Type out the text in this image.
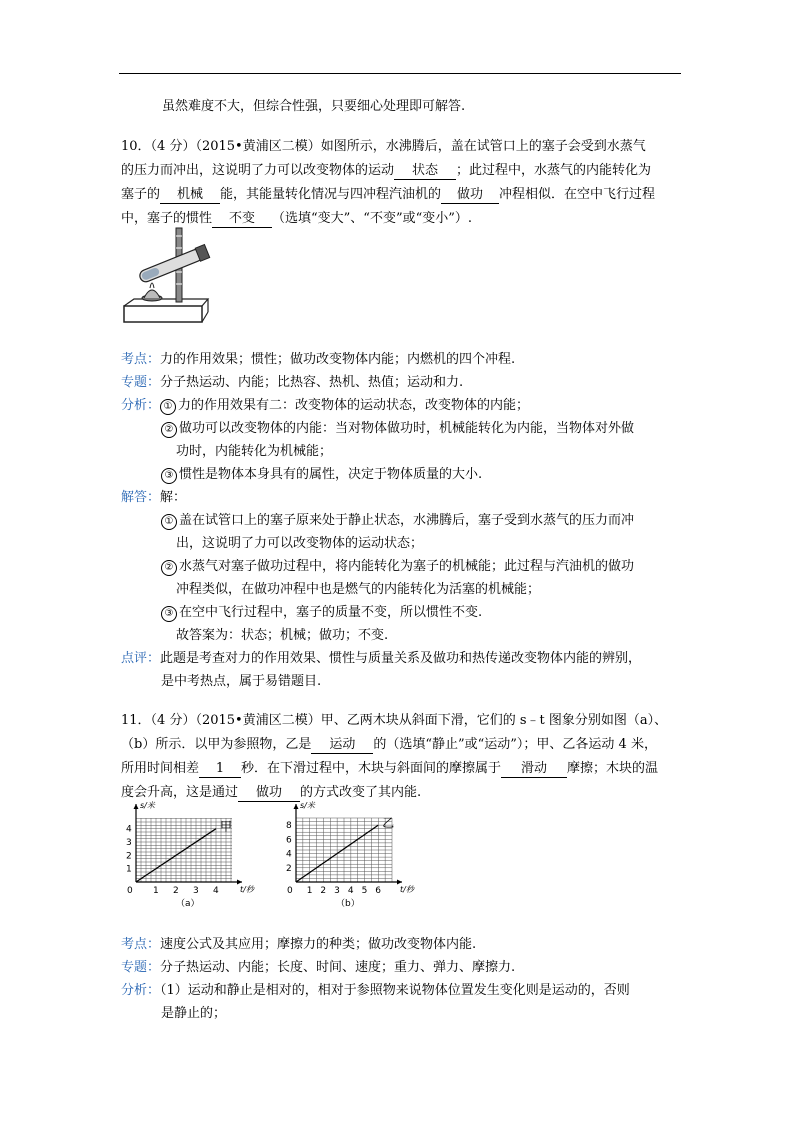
虽然难度不大，但综合性强，只要细心处理即可解答.
10．（4 分）（2015•黄浦区二模）如图所示，水沸腾后，盖在试管口上的塞子会受到水蒸气
的压力而冲出，这说明了力可以改变物体的运动 状态 ；此过程中，水蒸气的内能转化为
塞子的 机械 能，其能量转化情况与四冲程汽油机的 做功 冲程相似．在空中飞行过程
中，塞子的惯性 不变 （选填“变大”、“不变”或“变小”）.
考点：力的作用效果；惯性；做功改变物体内能；内燃机的四个冲程.
专题：分子热运动、内能；比热容、热机、热值；运动和力.
分析： ① 力的作用效果有二：改变物体的运动状态，改变物体的内能；
② 做功可以改变物体的内能：当对物体做功时，机械能转化为内能，当物体对外做
功时，内能转化为机械能；
③ 惯性是物体本身具有的属性，决定于物体质量的大小.
解答：解：
① 盖在试管口上的塞子原来处于静止状态，水沸腾后，塞子受到水蒸气的压力而冲
出，这说明了力可以改变物体的运动状态；
② 水蒸气对塞子做功过程中，将内能转化为塞子的机械能；此过程与汽油机的做功
冲程类似，在做功冲程中也是燃气的内能转化为活塞的机械能；
③ 在空中飞行过程中，塞子的质量不变，所以惯性不变.
故答案为：状态；机械；做功；不变.
点评：此题是考查对力的作用效果、惯性与质量关系及做功和热传递改变物体内能的辨别，
是中考热点，属于易错题目.
11．（4 分）（2015•黄浦区二模）甲、乙两木块从斜面下滑，它们的 s﹣t 图象分别如图（a）、
（b）所示．以甲为参照物，乙是 运动 的（选填“静止”或“运动”）；甲、乙各运动 4 米，
所用时间相差 1 秒．在下滑过程中，木块与斜面间的摩擦属于 滑动 摩擦；木块的温
度会升高，这是通过 做功 的方式改变了其内能.
s/米
t/秒
0 1 2 3 4
1
2
3
4	甲
（a）
s/米
t/秒
0 1 2 3 4 5 6
2
4
6
8	乙
（b）
考点：速度公式及其应用；摩擦力的种类；做功改变物体内能.
专题：分子热运动、内能；长度、时间、速度；重力、弹力、摩擦力.
分析：（1）运动和静止是相对的，相对于参照物来说物体位置发生变化则是运动的，否则
是静止的；
